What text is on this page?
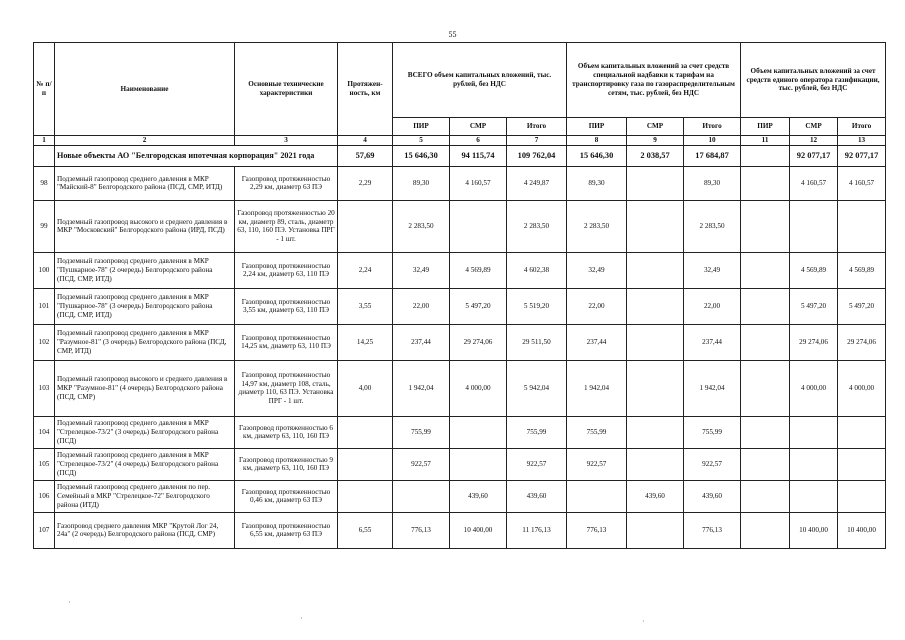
55
№ п/п	Наименование	Основные технические характеристики	Протяжен-ность, км	ВСЕГО объем капитальных вложений, тыс. рублей, без НДС			Объем капитальных вложений за счет средств специальной надбавки к тарифам на транспортировку газа по газораспределительным сетям, тыс. рублей, без НДС			Объем капитальных вложений за счет средств единого оператора газификации, тыс. рублей, без НДС		
				ПИР	СМР	Итого	ПИР	СМР	Итого	ПИР	СМР	Итого
1	2	3	4	5	6	7	8	9	10	11	12	13
	Новые объекты АО "Белгородская ипотечная корпорация" 2021 года		57,69	15 646,30	94 115,74	109 762,04	15 646,30	2 038,57	17 684,87		92 077,17	92 077,17
98	Подземный газопровод среднего давления в МКР "Майский-8" Белгородского района (ПСД, СМР, ИТД)	Газопровод протяженностью 2,29 км, диаметр 63 ПЭ	2,29	89,30	4 160,57	4 249,87	89,30		89,30		4 160,57	4 160,57
99	Подземный газопровод высокого и среднего давления в МКР "Московский" Белгородского района (ИРД, ПСД)	Газопровод протяженностью 20 км, диаметр 89, сталь, диаметр 63, 110, 160 ПЭ. Установка ПРГ - 1 шт.		2 283,50		2 283,50	2 283,50		2 283,50			
100	Подземный газопровод среднего давления в МКР "Пушкарное-78" (2 очередь) Белгородского района (ПСД, СМР, ИТД)	Газопровод протяженностью 2,24 км, диаметр 63, 110 ПЭ	2,24	32,49	4 569,89	4 602,38	32,49		32,49		4 569,89	4 569,89
101	Подземный газопровод среднего давления в МКР "Пушкарное-78" (3 очередь) Белгородского района (ПСД, СМР, ИТД)	Газопровод протяженностью 3,55 км, диаметр 63, 110 ПЭ	3,55	22,00	5 497,20	5 519,20	22,00		22,00		5 497,20	5 497,20
102	Подземный газопровод среднего давления в МКР "Разумное-81" (3 очередь) Белгородского района (ПСД, СМР, ИТД)	Газопровод протяженностью 14,25 км, диаметр 63, 110 ПЭ	14,25	237,44	29 274,06	29 511,50	237,44		237,44		29 274,06	29 274,06
103	Подземный газопровод высокого и среднего давления в МКР "Разумное-81" (4 очередь) Белгородского района (ПСД, СМР)	Газопровод протяженностью 14,97 км, диаметр 108, сталь, диаметр 110, 63 ПЭ. Установка ПРГ - 1 шт.	4,00	1 942,04	4 000,00	5 942,04	1 942,04		1 942,04		4 000,00	4 000,00
104	Подземный газопровод среднего давления в МКР "Стрелецкое-73/2" (3 очередь) Белгородского района (ПСД)	Газопровод протяженностью 6 км, диаметр 63, 110, 160 ПЭ		755,99		755,99	755,99		755,99			
105	Подземный газопровод среднего давления в МКР "Стрелецкое-73/2" (4 очередь) Белгородского района (ПСД)	Газопровод протяженностью 9 км, диаметр 63, 110, 160 ПЭ		922,57		922,57	922,57		922,57			
106	Подземный газопровод среднего давления по пер. Семейный в МКР "Стрелецкое-72" Белгородского района (ИТД)	Газопровод протяженностью 0,46 км, диаметр 63 ПЭ			439,60	439,60		439,60	439,60			
107	Газопровод среднего давления МКР "Крутой Лог 24, 24а" (2 очередь) Белгородского района (ПСД, СМР)	Газопровод протяженностью 6,55 км, диаметр 63 ПЭ	6,55	776,13	10 400,00	11 176,13	776,13		776,13		10 400,00	10 400,00
·
·	·
